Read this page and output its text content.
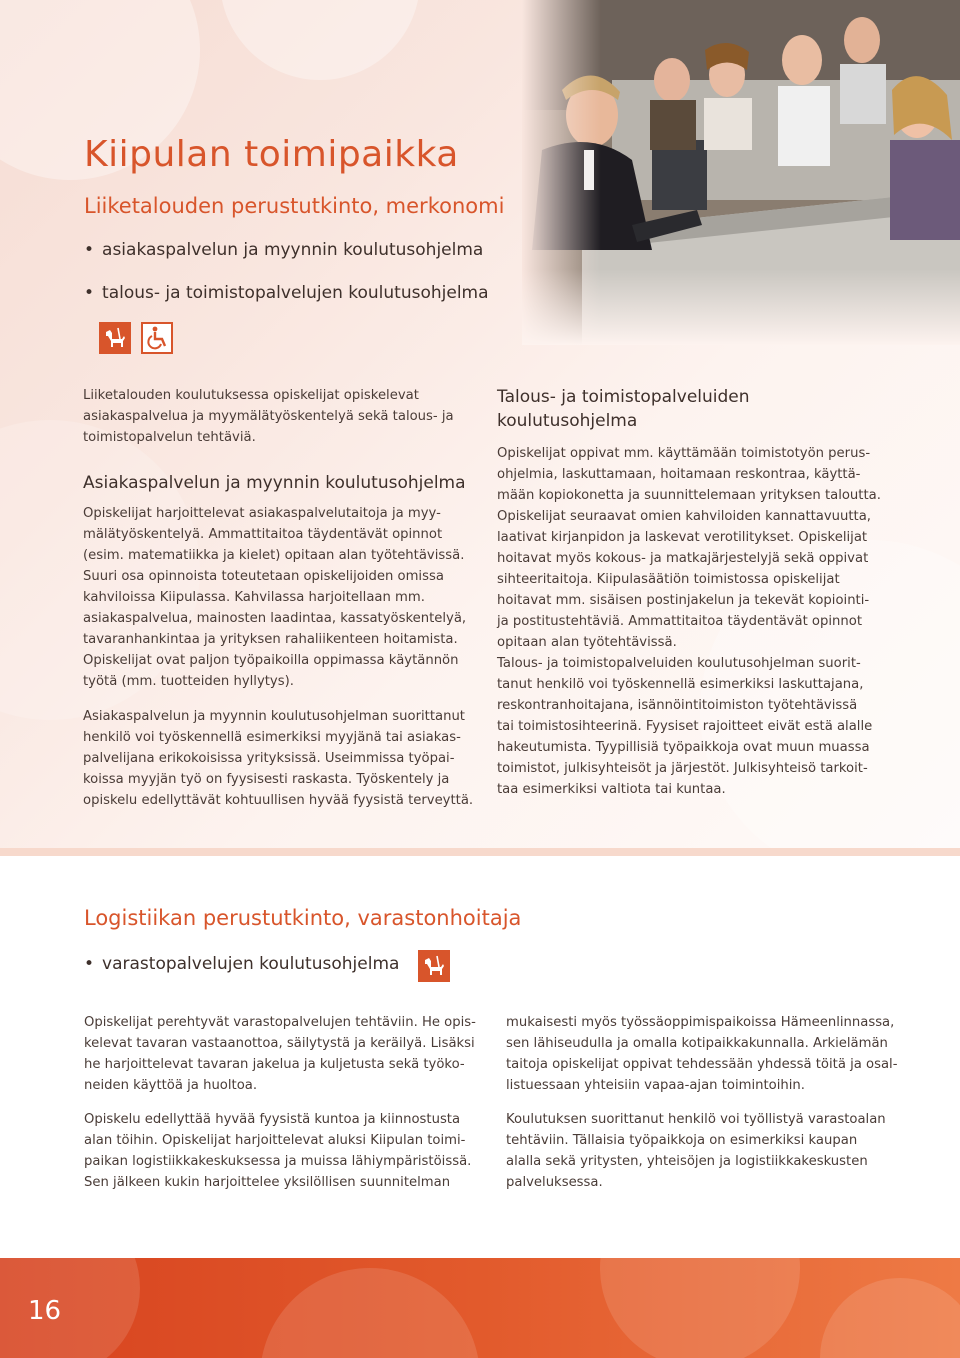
Kiipulan toimipaikka
Liiketalouden perustutkinto, merkonomi
• asiakaspalvelun ja myynnin koulutusohjelma
• talous- ja toimistopalvelujen koulutusohjelma
Liiketalouden koulutuksessa opiskelijat opiskelevat
asiakaspalvelua ja myymälätyöskentelyä sekä talous- ja
toimistopalvelun tehtäviä.
Asiakaspalvelun ja myynnin koulutusohjelma
Opiskelijat harjoittelevat asiakaspalvelutaitoja ja myy-
mälätyöskentelyä. Ammattitaitoa täydentävät opinnot
(esim. matematiikka ja kielet) opitaan alan työtehtävissä.
Suuri osa opinnoista toteutetaan opiskelijoiden omissa
kahviloissa Kiipulassa. Kahvilassa harjoitellaan mm.
asiakaspalvelua, mainosten laadintaa, kassatyöskentelyä,
tavaranhankintaa ja yrityksen rahaliikenteen hoitamista.
Opiskelijat ovat paljon työpaikoilla oppimassa käytännön
työtä (mm. tuotteiden hyllytys).
Asiakaspalvelun ja myynnin koulutusohjelman suorittanut
henkilö voi työskennellä esimerkiksi myyjänä tai asiakas-
palvelijana erikokoisissa yrityksissä. Useimmissa työpai-
koissa myyjän työ on fyysisesti raskasta. Työskentely ja
opiskelu edellyttävät kohtuullisen hyvää fyysistä terveyttä.
Talous- ja toimistopalveluiden
koulutusohjelma
Opiskelijat oppivat mm. käyttämään toimistotyön perus-
ohjelmia, laskuttamaan, hoitamaan reskontraa, käyttä-
mään kopiokonetta ja suunnittelemaan yrityksen taloutta.
Opiskelijat seuraavat omien kahviloiden kannattavuutta,
laativat kirjanpidon ja laskevat verotilitykset. Opiskelijat
hoitavat myös kokous- ja matkajärjestelyjä sekä oppivat
sihteeritaitoja. Kiipulasäätiön toimistossa opiskelijat
hoitavat mm. sisäisen postinjakelun ja tekevät kopiointi-
ja postitustehtäviä. Ammattitaitoa täydentävät opinnot
opitaan alan työtehtävissä.
Talous- ja toimistopalveluiden koulutusohjelman suorit-
tanut henkilö voi työskennellä esimerkiksi laskuttajana,
reskontranhoitajana, isännöintitoimiston työtehtävissä
tai toimistosihteerinä. Fyysiset rajoitteet eivät estä alalle
hakeutumista. Tyypillisiä työpaikkoja ovat muun muassa
toimistot, julkisyhteisöt ja järjestöt. Julkisyhteisö tarkoit-
taa esimerkiksi valtiota tai kuntaa.
Logistiikan perustutkinto, varastonhoitaja
• varastopalvelujen koulutusohjelma
Opiskelijat perehtyvät varastopalvelujen tehtäviin. He opis-
kelevat tavaran vastaanottoa, säilytystä ja keräilyä. Lisäksi
he harjoittelevat tavaran jakelua ja kuljetusta sekä työko-
neiden käyttöä ja huoltoa.
Opiskelu edellyttää hyvää fyysistä kuntoa ja kiinnostusta
alan töihin. Opiskelijat harjoittelevat aluksi Kiipulan toimi-
paikan logistiikkakeskuksessa ja muissa lähiympäristöissä.
Sen jälkeen kukin harjoittelee yksilöllisen suunnitelman
mukaisesti myös työssäoppimispaikoissa Hämeenlinnassa,
sen lähiseudulla ja omalla kotipaikkakunnalla. Arkielämän
taitoja opiskelijat oppivat tehdessään yhdessä töitä ja osal-
listuessaan yhteisiin vapaa-ajan toimintoihin.
Koulutuksen suorittanut henkilö voi työllistyä varastoalan
tehtäviin. Tällaisia työpaikkoja on esimerkiksi kaupan
alalla sekä yritysten, yhteisöjen ja logistiikkakeskusten
palveluksessa.
16
